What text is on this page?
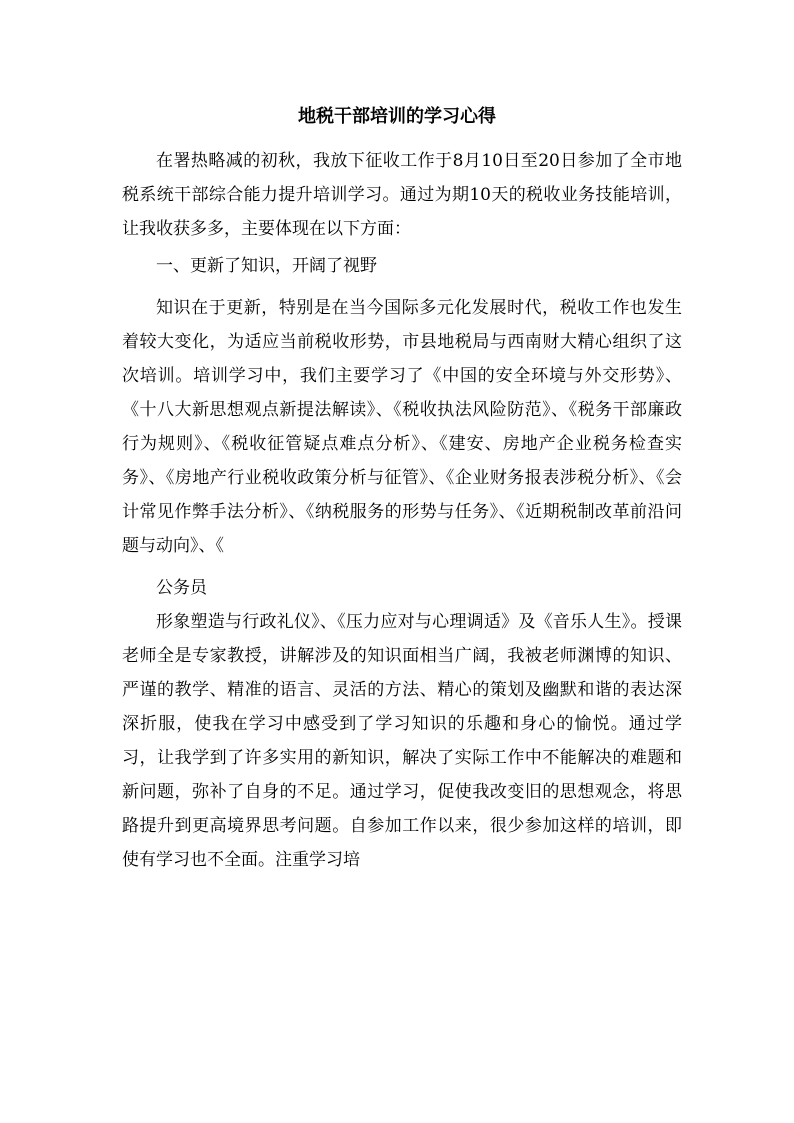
地税干部培训的学习心得

在署热略减的初秋，我放下征收工作于8月10日至20日参加了全市地税系统干部综合能力提升培训学习。通过为期10天的税收业务技能培训，让我收获多多，主要体现在以下方面：

一、更新了知识，开阔了视野

知识在于更新，特别是在当今国际多元化发展时代，税收工作也发生着较大变化，为适应当前税收形势，市县地税局与西南财大精心组织了这次培训。培训学习中，我们主要学习了《中国的安全环境与外交形势》、《十八大新思想观点新提法解读》、《税收执法风险防范》、《税务干部廉政行为规则》、《税收征管疑点难点分析》、《建安、房地产企业税务检查实务》、《房地产行业税收政策分析与征管》、《企业财务报表涉税分析》、《会计常见作弊手法分析》、《纳税服务的形势与任务》、《近期税制改革前沿问题与动向》、《

公务员

形象塑造与行政礼仪》、《压力应对与心理调适》及《音乐人生》。授课老师全是专家教授，讲解涉及的知识面相当广阔，我被老师渊博的知识、严谨的教学、精准的语言、灵活的方法、精心的策划及幽默和谐的表达深深折服，使我在学习中感受到了学习知识的乐趣和身心的愉悦。通过学习，让我学到了许多实用的新知识，解决了实际工作中不能解决的难题和新问题，弥补了自身的不足。通过学习，促使我改变旧的思想观念，将思路提升到更高境界思考问题。自参加工作以来，很少参加这样的培训，即使有学习也不全面。注重学习培
